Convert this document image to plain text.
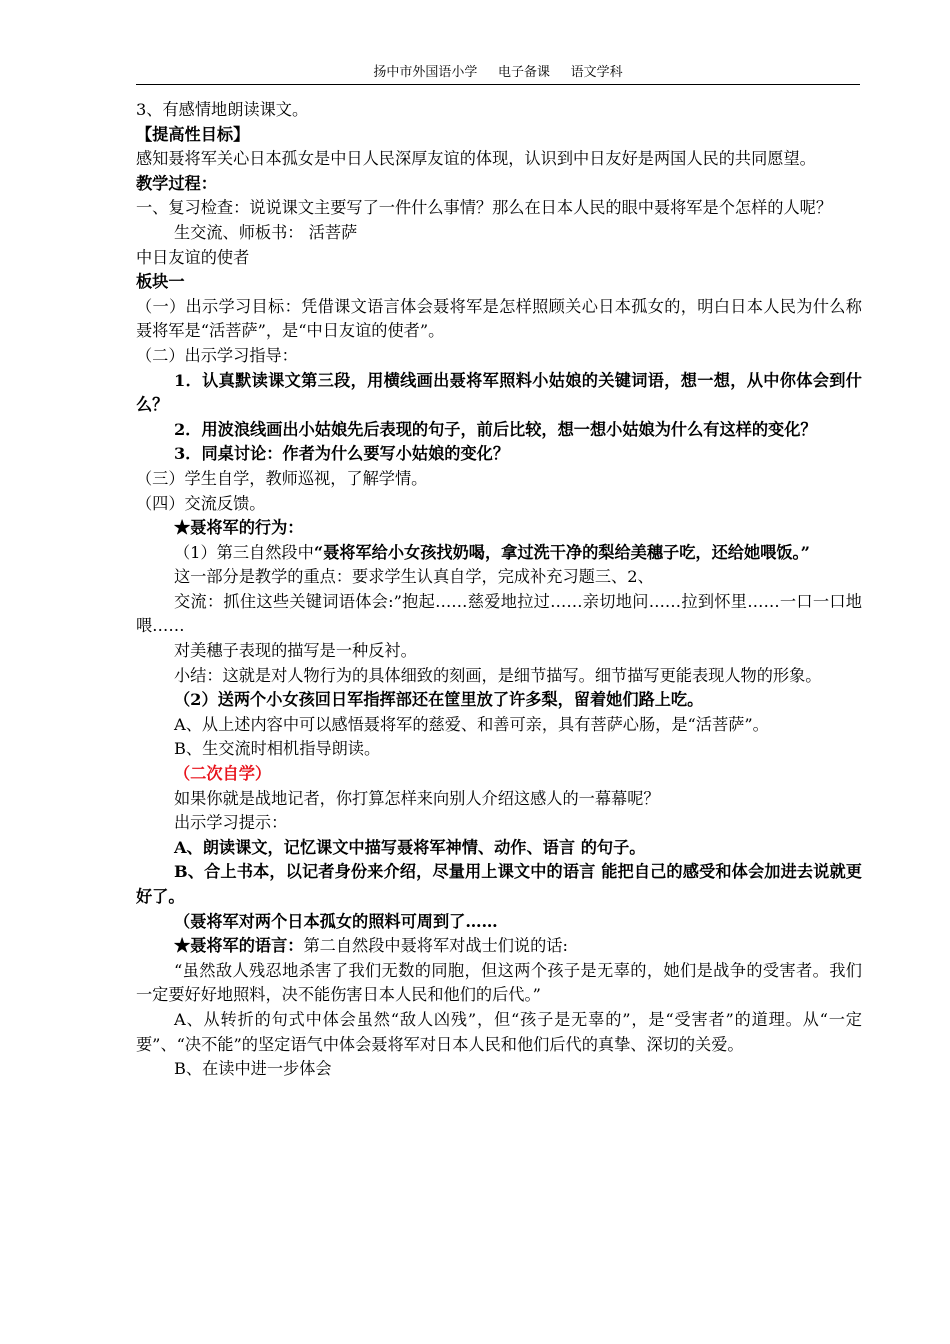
扬中市外国语小学     电子备课     语文学科

3、有感情地朗读课文。

【提高性目标】

感知聂将军关心日本孤女是中日人民深厚友谊的体现，认识到中日友好是两国人民的共同愿望。

教学过程：

一、复习检查：说说课文主要写了一件什么事情？那么在日本人民的眼中聂将军是个怎样的人呢？

生交流、师板书： 活菩萨

中日友谊的使者

板块一

（一）出示学习目标：凭借课文语言体会聂将军是怎样照顾关心日本孤女的，明白日本人民为什么称聂将军是“活菩萨”，是“中日友谊的使者”。

（二）出示学习指导：

1．认真默读课文第三段，用横线画出聂将军照料小姑娘的关键词语，想一想，从中你体会到什么？

2．用波浪线画出小姑娘先后表现的句子，前后比较，想一想小姑娘为什么有这样的变化？

3．同桌讨论：作者为什么要写小姑娘的变化？

（三）学生自学，教师巡视，了解学情。

（四）交流反馈。

★聂将军的行为：

（1）第三自然段中“聂将军给小女孩找奶喝，拿过洗干净的梨给美穗子吃，还给她喂饭。”

这一部分是教学的重点：要求学生认真自学，完成补充习题三、2、

交流：抓住这些关键词语体会:”抱起……慈爱地拉过……亲切地问……拉到怀里……一口一口地喂……

对美穗子表现的描写是一种反衬。

小结：这就是对人物行为的具体细致的刻画，是细节描写。细节描写更能表现人物的形象。

（2）送两个小女孩回日军指挥部还在筐里放了许多梨，留着她们路上吃。

A、从上述内容中可以感悟聂将军的慈爱、和善可亲，具有菩萨心肠，是“活菩萨”。

B、生交流时相机指导朗读。

（二次自学）

如果你就是战地记者，你打算怎样来向别人介绍这感人的一幕幕呢？

出示学习提示：

A、朗读课文，记忆课文中描写聂将军神情、动作、语言 的句子。

B、合上书本，以记者身份来介绍，尽量用上课文中的语言 能把自己的感受和体会加进去说就更好了。

（聂将军对两个日本孤女的照料可周到了……

★聂将军的语言：第二自然段中聂将军对战士们说的话:

“虽然敌人残忍地杀害了我们无数的同胞，但这两个孩子是无辜的，她们是战争的受害者。我们一定要好好地照料，决不能伤害日本人民和他们的后代。”

A、从转折的句式中体会虽然“敌人凶残”，但“孩子是无辜的”，是“受害者”的道理。从“一定要”、“决不能”的坚定语气中体会聂将军对日本人民和他们后代的真挚、深切的关爱。

B、在读中进一步体会
